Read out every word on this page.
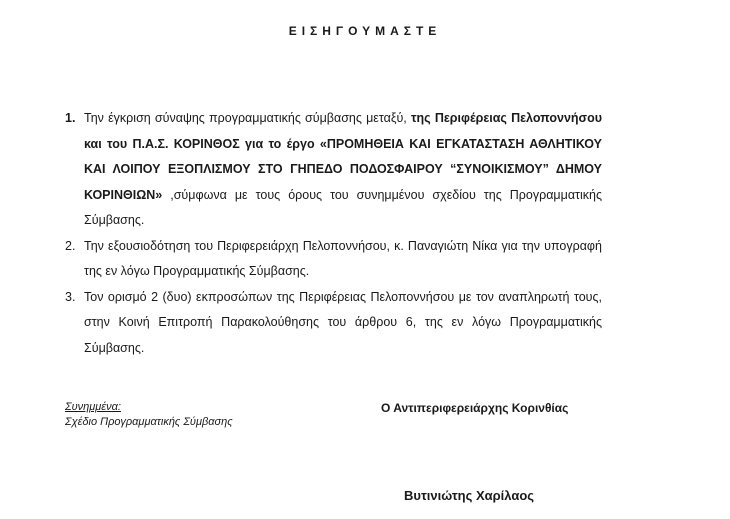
ΕΙΣΗΓΟΥΜΑΣΤΕ
1. Την έγκριση σύναψης προγραμματικής σύμβασης μεταξύ, της Περιφέρειας Πελοποννήσου και του Π.Α.Σ. ΚΟΡΙΝΘΟΣ για το έργο «ΠΡΟΜΗΘΕΙΑ ΚΑΙ ΕΓΚΑΤΑΣΤΑΣΗ ΑΘΛΗΤΙΚΟΥ ΚΑΙ ΛΟΙΠΟΥ ΕΞΟΠΛΙΣΜΟΥ ΣΤΟ ΓΗΠΕΔΟ ΠΟΔΟΣΦΑΙΡΟΥ “ΣΥΝΟΙΚΙΣΜΟΥ” ΔΗΜΟΥ ΚΟΡΙΝΘΙΩΝ» ,σύμφωνα με τους όρους του συνημμένου σχεδίου της Προγραμματικής Σύμβασης.
2. Την εξουσιοδότηση του Περιφερειάρχη Πελοποννήσου, κ. Παναγιώτη Νίκα για την υπογραφή της εν λόγω Προγραμματικής Σύμβασης.
3. Τον ορισμό 2 (δυο) εκπροσώπων της Περιφέρειας Πελοποννήσου με τον αναπληρωτή τους, στην Κοινή Επιτροπή Παρακολούθησης του άρθρου 6, της εν λόγω Προγραμματικής Σύμβασης.
Συνημμένα:
Σχέδιο Προγραμματικής Σύμβασης
Ο Αντιπεριφερειάρχης Κορινθίας
Βυτινιώτης Χαρίλαος
